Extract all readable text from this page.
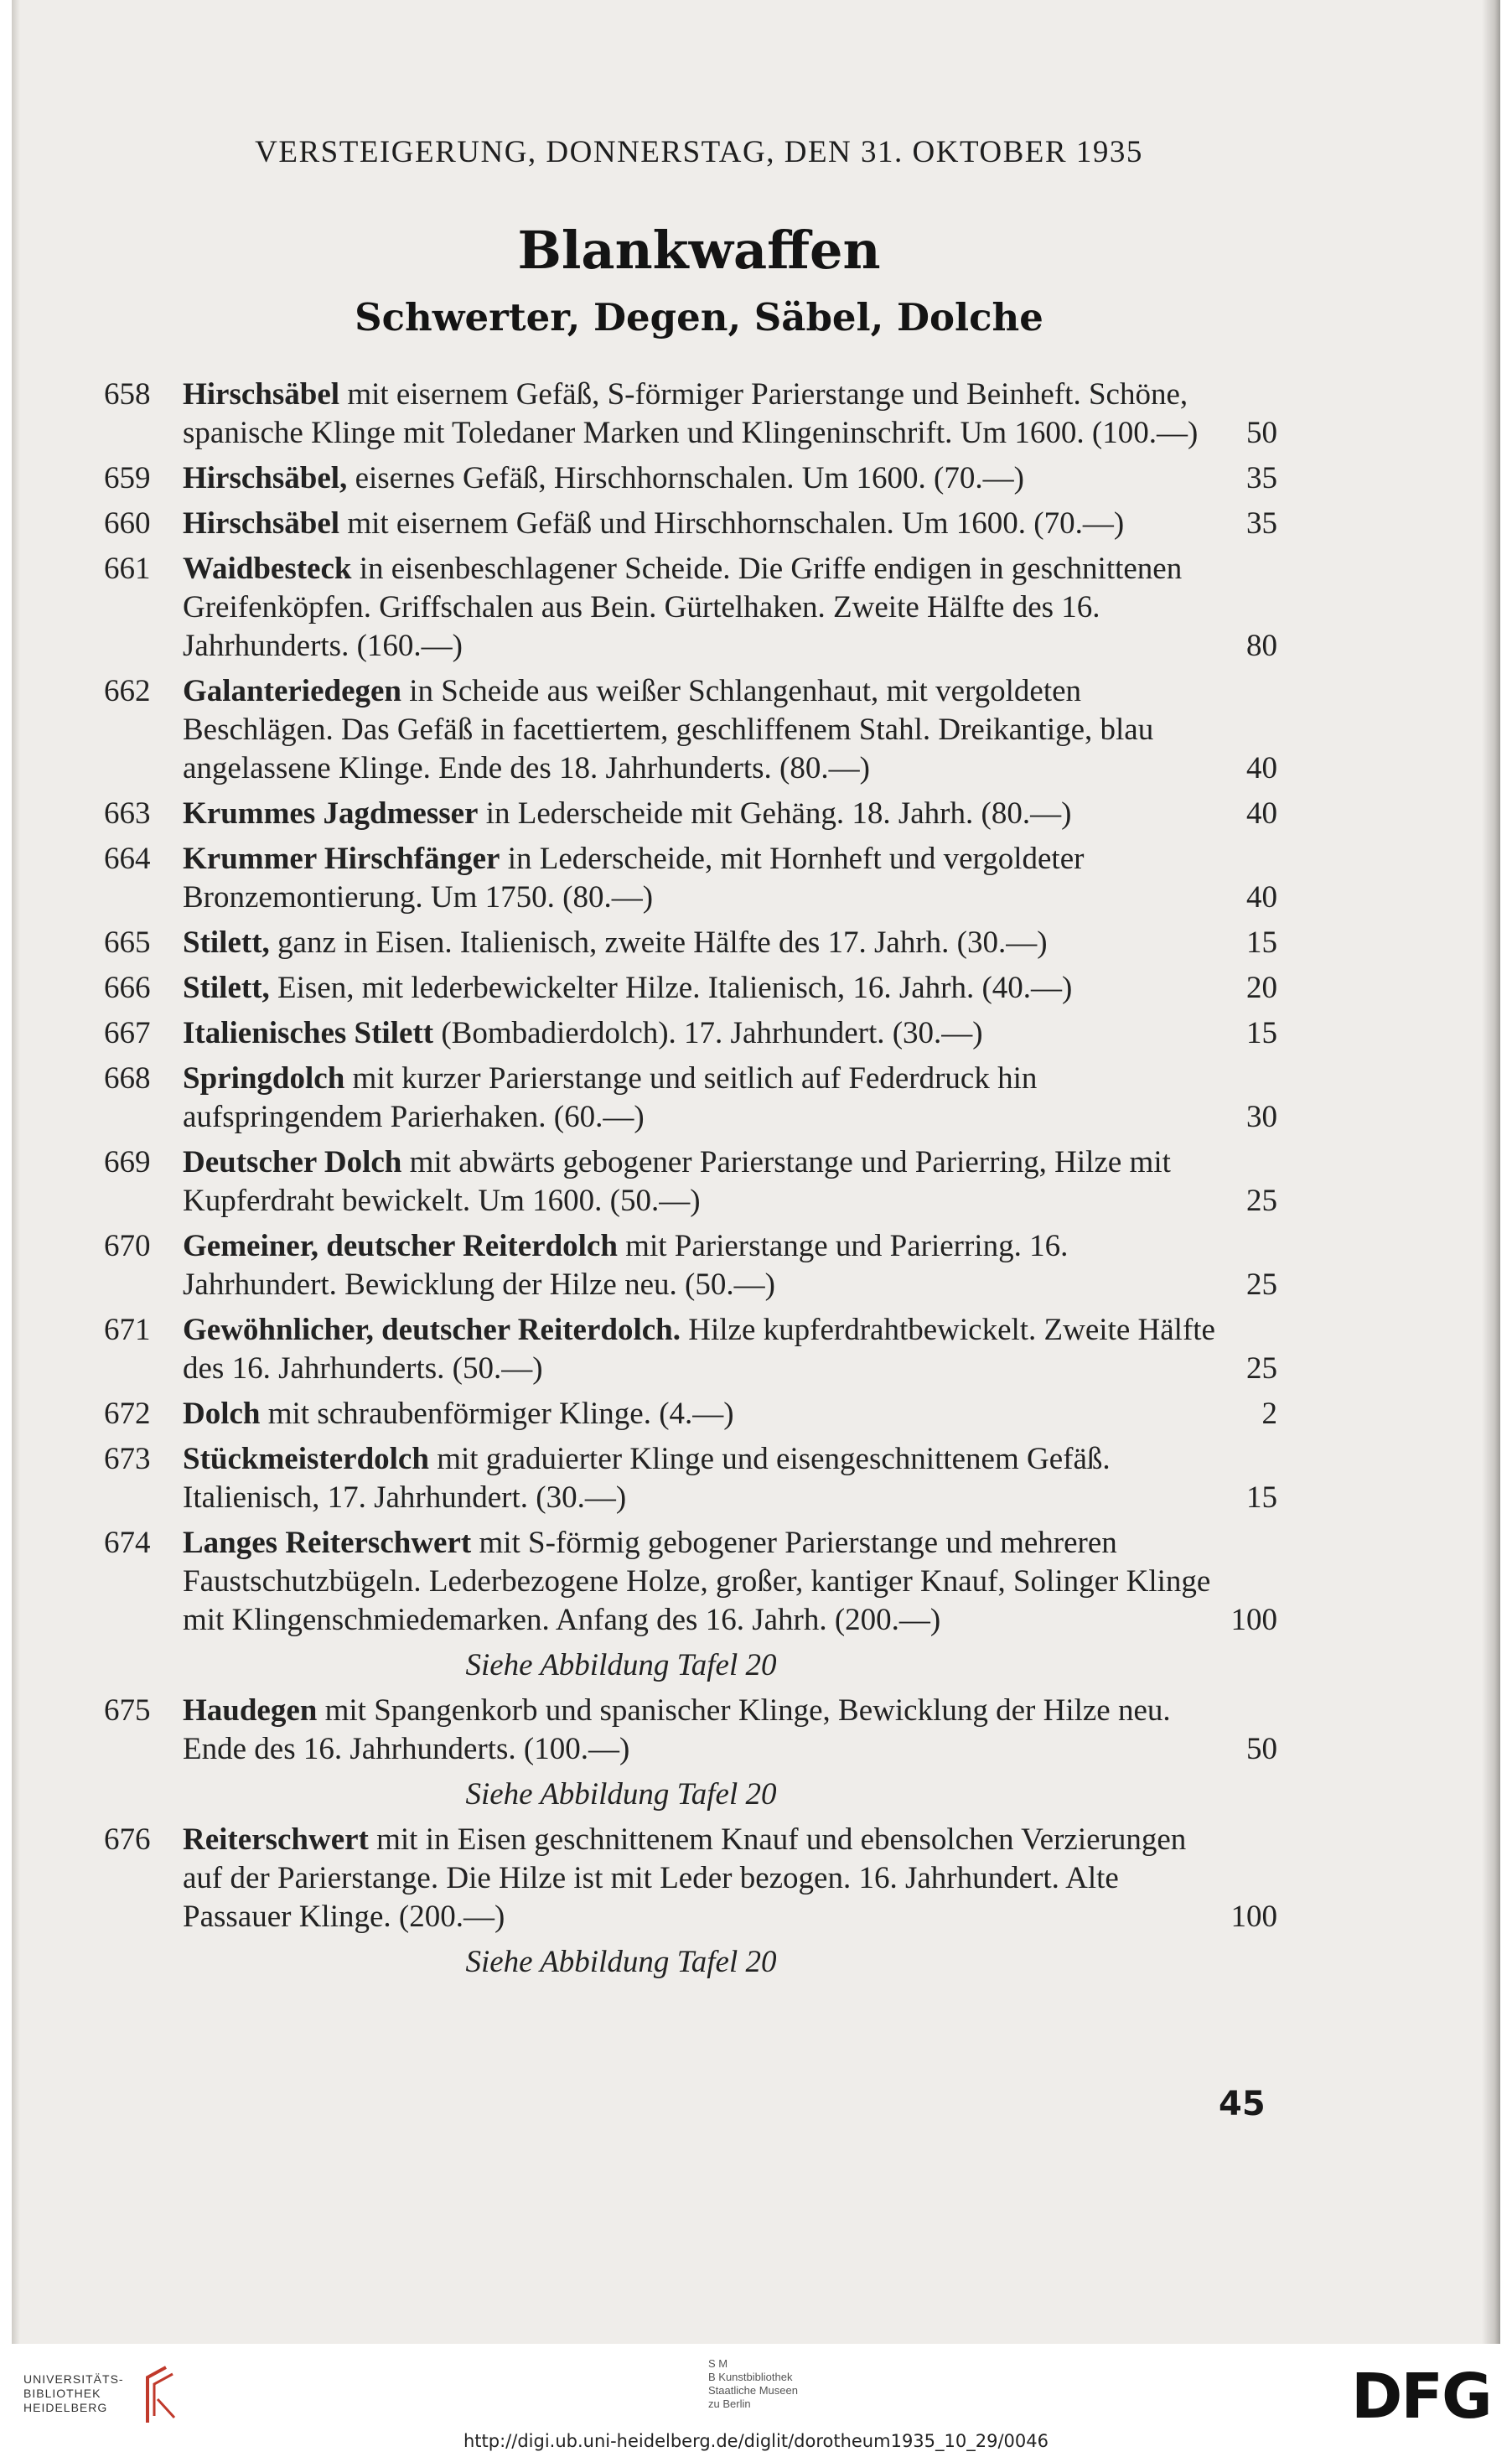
VERSTEIGERUNG, DONNERSTAG, DEN 31. OKTOBER 1935
Blankwaffen
Schwerter, Degen, Säbel, Dolche
658	Hirschsäbel mit eisernem Gefäß, S-förmiger Parierstange und Beinheft. Schöne, spanische Klinge mit Toledaner Marken und Klingeninschrift. Um 1600. (100.—)	50
659	Hirschsäbel, eisernes Gefäß, Hirschhornschalen. Um 1600. (70.—)	35
660	Hirschsäbel mit eisernem Gefäß und Hirschhornschalen. Um 1600. (70.—)	35
661	Waidbesteck in eisenbeschlagener Scheide. Die Griffe endigen in geschnittenen Greifenköpfen. Griffschalen aus Bein. Gürtelhaken. Zweite Hälfte des 16. Jahrhunderts. (160.—)	80
662	Galanteriedegen in Scheide aus weißer Schlangenhaut, mit vergoldeten Beschlägen. Das Gefäß in facettiertem, geschliffenem Stahl. Dreikantige, blau angelassene Klinge. Ende des 18. Jahrhunderts. (80.—)	40
663	Krummes Jagdmesser in Lederscheide mit Gehäng. 18. Jahrh. (80.—)	40
664	Krummer Hirschfänger in Lederscheide, mit Hornheft und vergoldeter Bronzemontierung. Um 1750. (80.—)	40
665	Stilett, ganz in Eisen. Italienisch, zweite Hälfte des 17. Jahrh. (30.—)	15
666	Stilett, Eisen, mit lederbewickelter Hilze. Italienisch, 16. Jahrh. (40.—)	20
667	Italienisches Stilett (Bombadierdolch). 17. Jahrhundert. (30.—)	15
668	Springdolch mit kurzer Parierstange und seitlich auf Federdruck hin aufspringendem Parierhaken. (60.—)	30
669	Deutscher Dolch mit abwärts gebogener Parierstange und Parierring, Hilze mit Kupferdraht bewickelt. Um 1600. (50.—)	25
670	Gemeiner, deutscher Reiterdolch mit Parierstange und Parierring. 16. Jahrhundert. Bewicklung der Hilze neu. (50.—)	25
671	Gewöhnlicher, deutscher Reiterdolch. Hilze kupferdrahtbewickelt. Zweite Hälfte des 16. Jahrhunderts. (50.—)	25
672	Dolch mit schraubenförmiger Klinge. (4.—)	2
673	Stückmeisterdolch mit graduierter Klinge und eisengeschnittenem Gefäß. Italienisch, 17. Jahrhundert. (30.—)	15
674	Langes Reiterschwert mit S-förmig gebogener Parierstange und mehreren Faustschutzbügeln. Lederbezogene Holze, großer, kantiger Knauf, Solinger Klinge mit Klingenschmiedemarken. Anfang des 16. Jahrh. (200.—)	100
Siehe Abbildung Tafel 20
675	Haudegen mit Spangenkorb und spanischer Klinge, Bewicklung der Hilze neu. Ende des 16. Jahrhunderts. (100.—)	50
Siehe Abbildung Tafel 20
676	Reiterschwert mit in Eisen geschnittenem Knauf und ebensolchen Verzierungen auf der Parierstange. Die Hilze ist mit Leder bezogen. 16. Jahrhundert. Alte Passauer Klinge. (200.—)	100
Siehe Abbildung Tafel 20
45
UNIVERSITÄTS-
BIBLIOTHEK
HEIDELBERG
S M
B Kunstbibliothek
Staatliche Museen
zu Berlin	DFG
http://digi.ub.uni-heidelberg.de/diglit/dorotheum1935_10_29/0046
